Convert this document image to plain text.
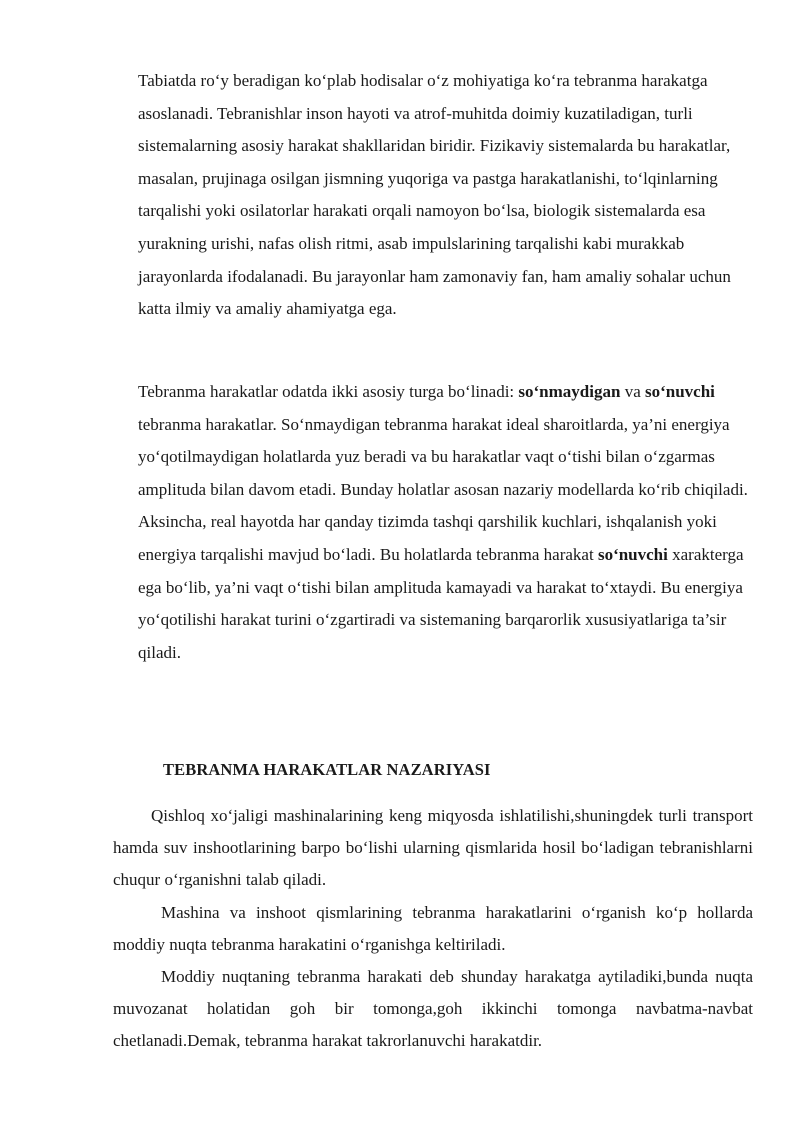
Tabiatda ro‘y beradigan ko‘plab hodisalar o‘z mohiyatiga ko‘ra tebranma harakatga asoslanadi. Tebranishlar inson hayoti va atrof-muhitda doimiy kuzatiladigan, turli sistemalarning asosiy harakat shakllaridan biridir. Fizikaviy sistemalarda bu harakatlar, masalan, prujinaga osilgan jismning yuqoriga va pastga harakatlanishi, to‘lqinlarning tarqalishi yoki osilatorlar harakati orqali namoyon bo‘lsa, biologik sistemalarda esa yurakning urishi, nafas olish ritmi, asab impulslarining tarqalishi kabi murakkab jarayonlarda ifodalanadi. Bu jarayonlar ham zamonaviy fan, ham amaliy sohalar uchun katta ilmiy va amaliy ahamiyatga ega.

Tebranma harakatlar odatda ikki asosiy turga bo‘linadi: so‘nmaydigan va so‘nuvchi tebranma harakatlar. So‘nmaydigan tebranma harakat ideal sharoitlarda, ya’ni energiya yo‘qotilmaydigan holatlarda yuz beradi va bu harakatlar vaqt o‘tishi bilan o‘zgarmas amplituda bilan davom etadi. Bunday holatlar asosan nazariy modellarda ko‘rib chiqiladi. Aksincha, real hayotda har qanday tizimda tashqi qarshilik kuchlari, ishqalanish yoki energiya tarqalishi mavjud bo‘ladi. Bu holatlarda tebranma harakat so‘nuvchi xarakterga ega bo‘lib, ya’ni vaqt o‘tishi bilan amplituda kamayadi va harakat to‘xtaydi. Bu energiya yo‘qotilishi harakat turini o‘zgartiradi va sistemaning barqarorlik xususiyatlariga ta’sir qiladi.

TEBRANMA HARAKATLAR NAZARIYASI

Qishloq xo‘jaligi mashinalarining keng miqyosda ishlatilishi,shuningdek turli transport hamda suv inshootlarining barpo bo‘lishi ularning qismlarida hosil bo‘ladigan tebranishlarni chuqur o‘rganishni talab qiladi.

Mashina va inshoot qismlarining tebranma harakatlarini o‘rganish ko‘p hollarda moddiy nuqta tebranma harakatini o‘rganishga keltiriladi.

Moddiy nuqtaning tebranma harakati deb shunday harakatga aytiladiki,bunda nuqta muvozanat holatidan goh bir tomonga,goh ikkinchi tomonga navbatma-navbat chetlanadi.Demak, tebranma harakat takrorlanuvchi harakatdir.
